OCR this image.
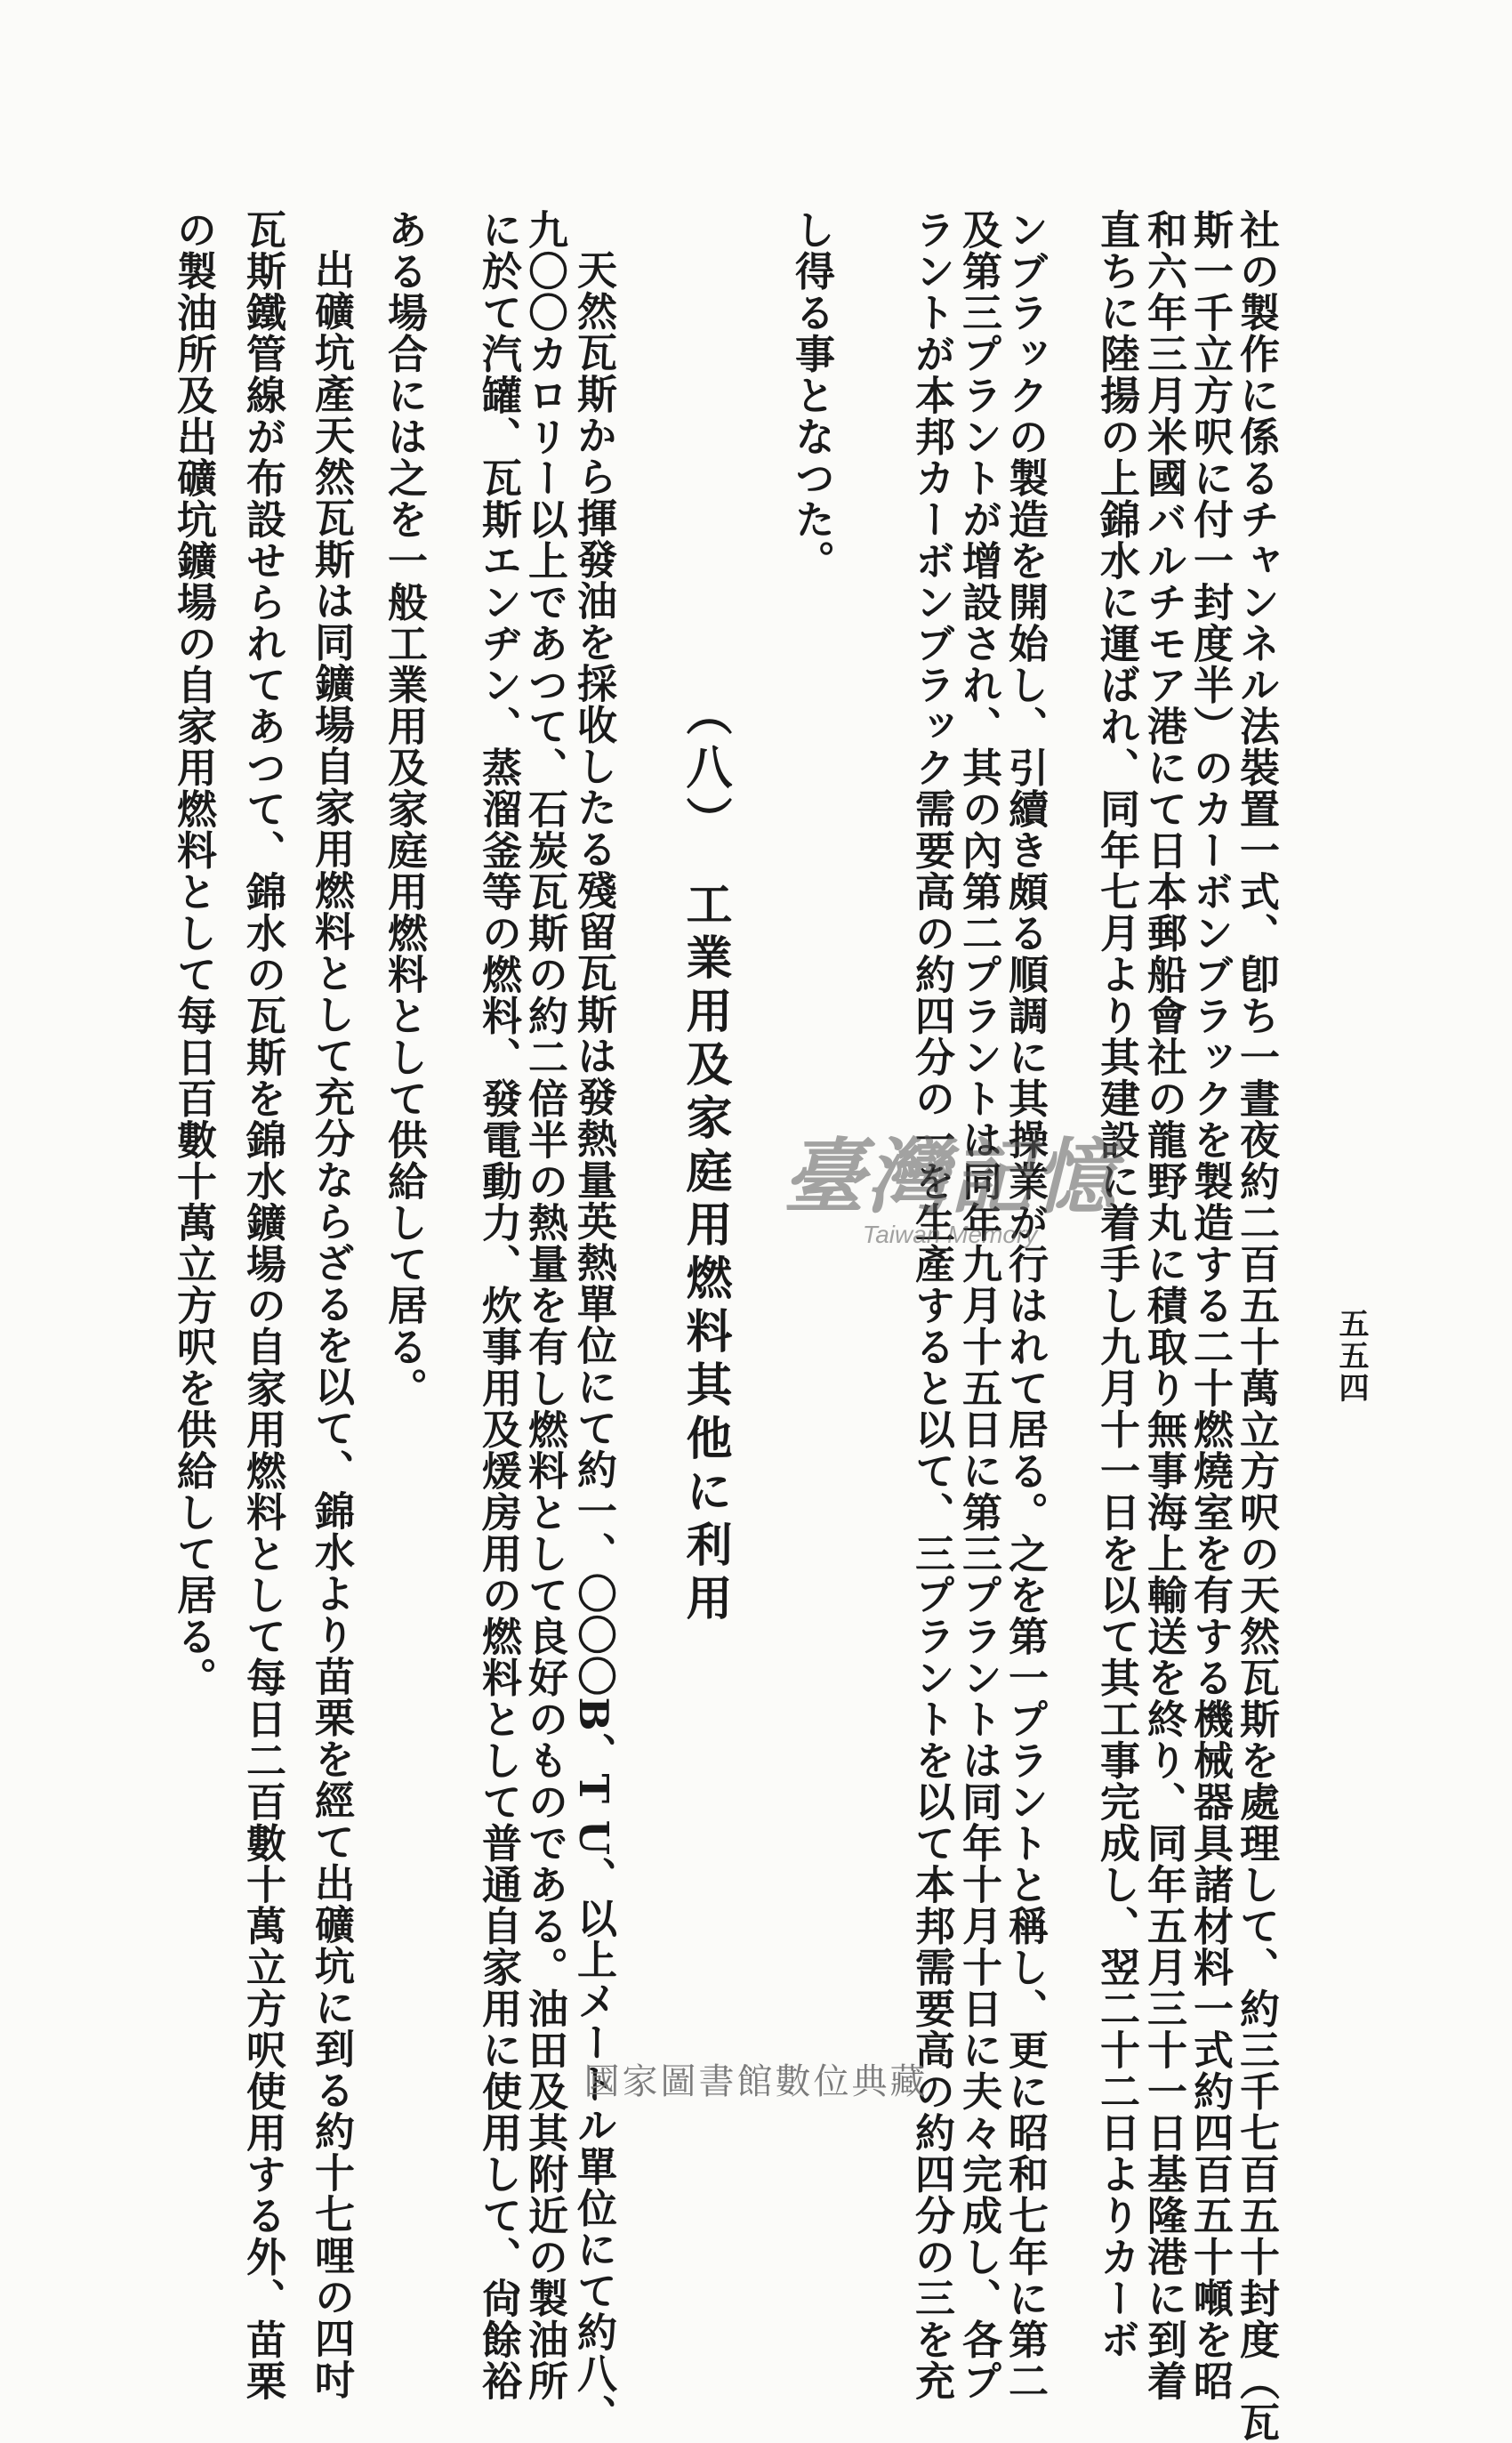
五五四
社の製作に係るチャンネル法裝置一式、卽ち一晝夜約二百五十萬立方呎の天然瓦斯を處理して、約三千七百五十封度（瓦
斯一千立方呎に付一封度半）のカーボンブラックを製造する二十燃燒室を有する機械器具諸材料一式約四百五十噸を昭
和六年三月米國バルチモア港にて日本郵船會社の龍野丸に積取り無事海上輸送を終り、同年五月三十一日基隆港に到着
直ちに陸揚の上錦水に運ばれ、同年七月より其建設に着手し九月十一日を以て其工事完成し、翌二十二日よりカーボ
ンブラックの製造を開始し、引續き頗る順調に其操業が行はれて居る。之を第一プラントと稱し、更に昭和七年に第二
及第三プラントが增設され、其の內第二プラントは同年九月十五日に第三プラントは同年十月十日に夫々完成し、各プ
ラントが本邦カーボンブラック需要高の約四分の一を生產すると以て、三プラントを以て本邦需要高の約四分の三を充
し得る事となつた。
（八）　工業用及家庭用燃料其他に利用
天然瓦斯から揮發油を採收したる殘留瓦斯は發熱量英熱單位にて約一、〇〇〇B、T U、以上メートル單位にて約八、
九〇〇カロリー以上であつて、石炭瓦斯の約二倍半の熱量を有し燃料として良好のものである。油田及其附近の製油所
に於て汽罐、瓦斯エンヂン、蒸溜釜等の燃料、發電動力、炊事用及煖房用の燃料として普通自家用に使用して、尙餘裕
ある場合には之を一般工業用及家庭用燃料として供給して居る。
出礦坑產天然瓦斯は同鑛場自家用燃料として充分ならざるを以て、錦水より苗栗を經て出礦坑に到る約十七哩の四吋
瓦斯鐵管線が布設せられてあつて、錦水の瓦斯を錦水鑛場の自家用燃料として每日二百數十萬立方呎使用する外、苗栗
の製油所及出礦坑鑛場の自家用燃料として每日百數十萬立方呎を供給して居る。	臺灣記憶
Taiwan Memory
國家圖書館數位典藏
